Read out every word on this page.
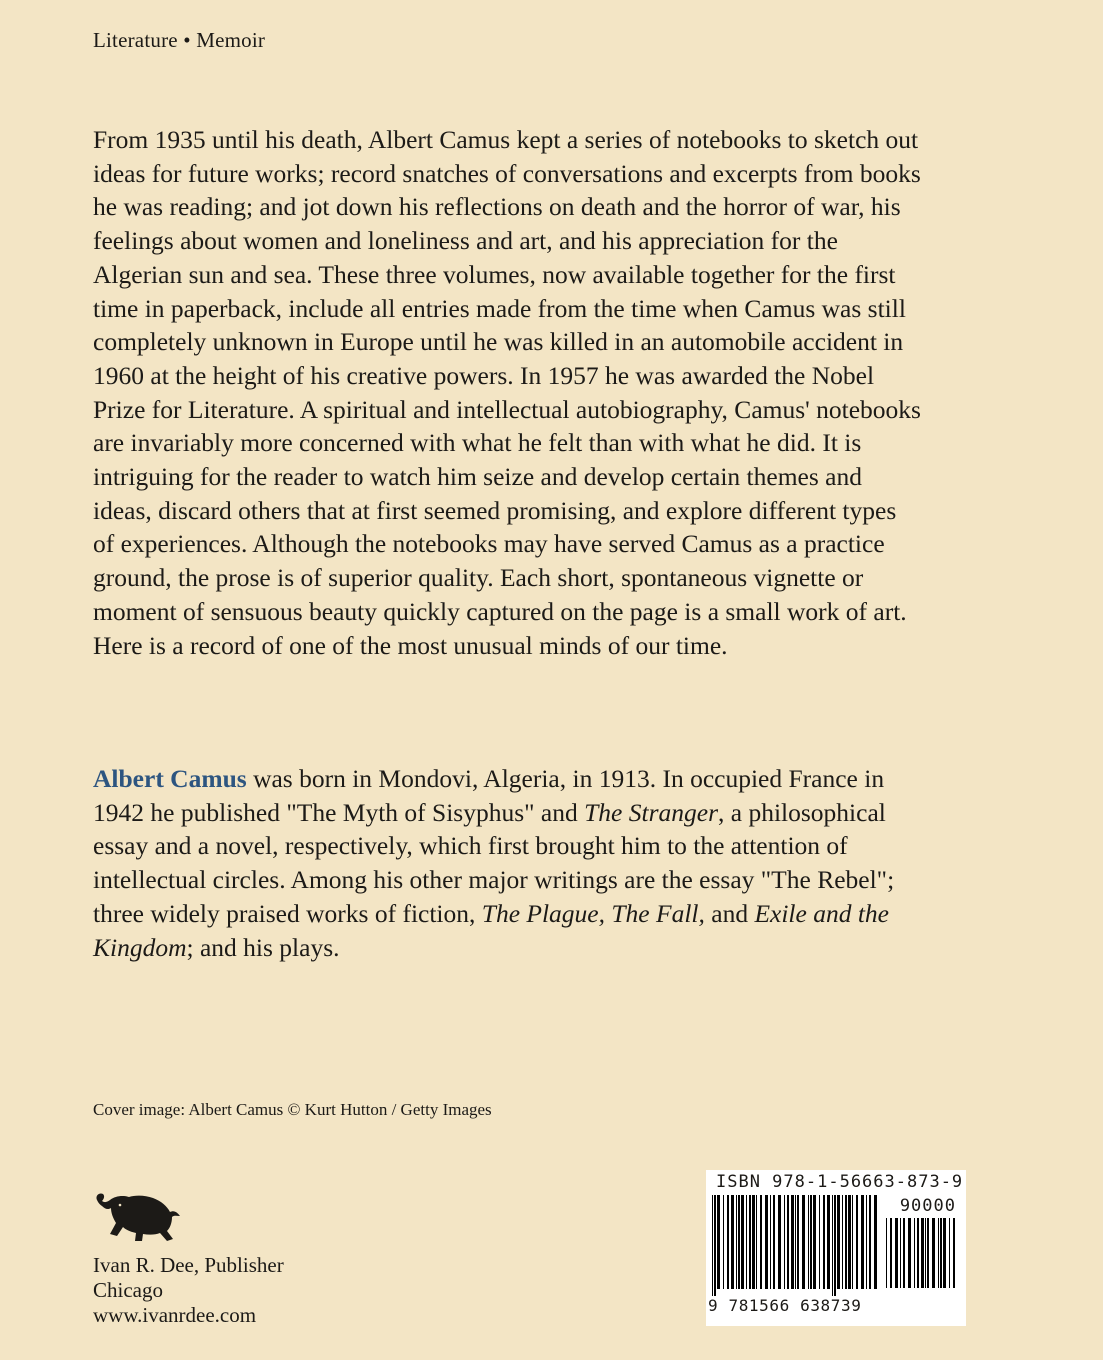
Literature • Memoir

From 1935 until his death, Albert Camus kept a series of notebooks to sketch out ideas for future works; record snatches of conversations and excerpts from books he was reading; and jot down his reflections on death and the horror of war, his feelings about women and loneliness and art, and his appreciation for the Algerian sun and sea. These three volumes, now available together for the first time in paperback, include all entries made from the time when Camus was still completely unknown in Europe until he was killed in an automobile accident in 1960 at the height of his creative powers. In 1957 he was awarded the Nobel Prize for Literature. A spiritual and intellectual autobiography, Camus' notebooks are invariably more concerned with what he felt than with what he did. It is intriguing for the reader to watch him seize and develop certain themes and ideas, discard others that at first seemed promising, and explore different types of experiences. Although the notebooks may have served Camus as a practice ground, the prose is of superior quality. Each short, spontaneous vignette or moment of sensuous beauty quickly captured on the page is a small work of art. Here is a record of one of the most unusual minds of our time.

Albert Camus was born in Mondovi, Algeria, in 1913. In occupied France in 1942 he published "The Myth of Sisyphus" and The Stranger, a philosophical essay and a novel, respectively, which first brought him to the attention of intellectual circles. Among his other major writings are the essay "The Rebel"; three widely praised works of fiction, The Plague, The Fall, and Exile and the Kingdom; and his plays.

Cover image: Albert Camus © Kurt Hutton / Getty Images
Ivan R. Dee, Publisher
Chicago
www.ivanrdee.com
ISBN 978-1-56663-873-9
90000
9 781566 638739
